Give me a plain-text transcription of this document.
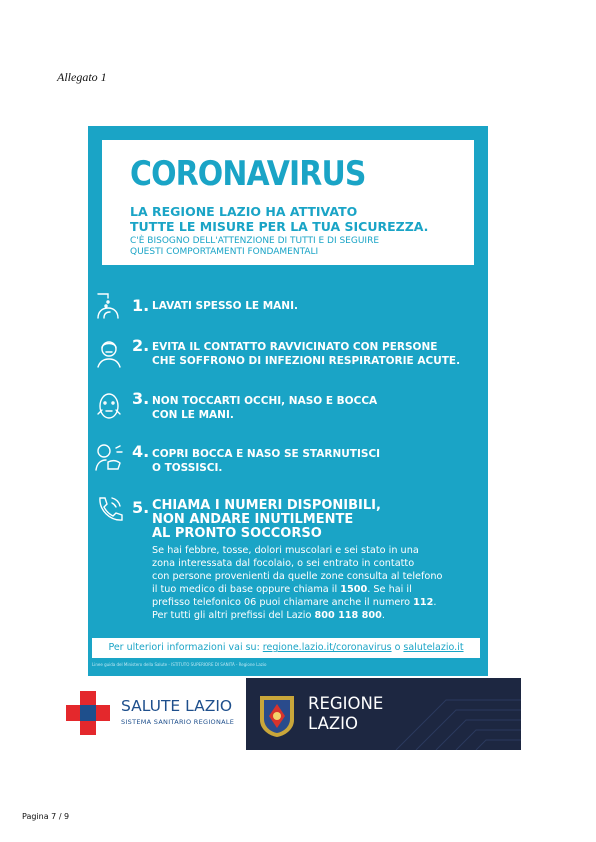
Allegato 1
CORONAVIRUS
LA REGIONE LAZIO HA ATTIVATO
TUTTE LE MISURE PER LA TUA SICUREZZA.
C'È BISOGNO DELL'ATTENZIONE DI TUTTI E DI SEGUIRE
QUESTI COMPORTAMENTI FONDAMENTALI
1. LAVATI SPESSO LE MANI.
2. EVITA IL CONTATTO RAVVICINATO CON PERSONE
CHE SOFFRONO DI INFEZIONI RESPIRATORIE ACUTE.
3. NON TOCCARTI OCCHI, NASO E BOCCA
CON LE MANI.
4. COPRI BOCCA E NASO SE STARNUTISCI
O TOSSISCI.
5. CHIAMA I NUMERI DISPONIBILI,
NON ANDARE INUTILMENTE
AL PRONTO SOCCORSO
Se hai febbre, tosse, dolori muscolari e sei stato in una
zona interessata dal focolaio, o sei entrato in contatto
con persone provenienti da quelle zone consulta al telefono
il tuo medico di base oppure chiama il 1500. Se hai il
prefisso telefonico 06 puoi chiamare anche il numero 112.
Per tutti gli altri prefissi del Lazio 800 118 800.
Per ulteriori informazioni vai su: regione.lazio.it/coronavirus o salutelazio.it
Linee guida del Ministero della Salute - ISTITUTO SUPERIORE DI SANITÀ - Regione Lazio
SALUTE LAZIO
SISTEMA SANITARIO REGIONALE
REGIONE
LAZIO
Pagina 7 / 9
